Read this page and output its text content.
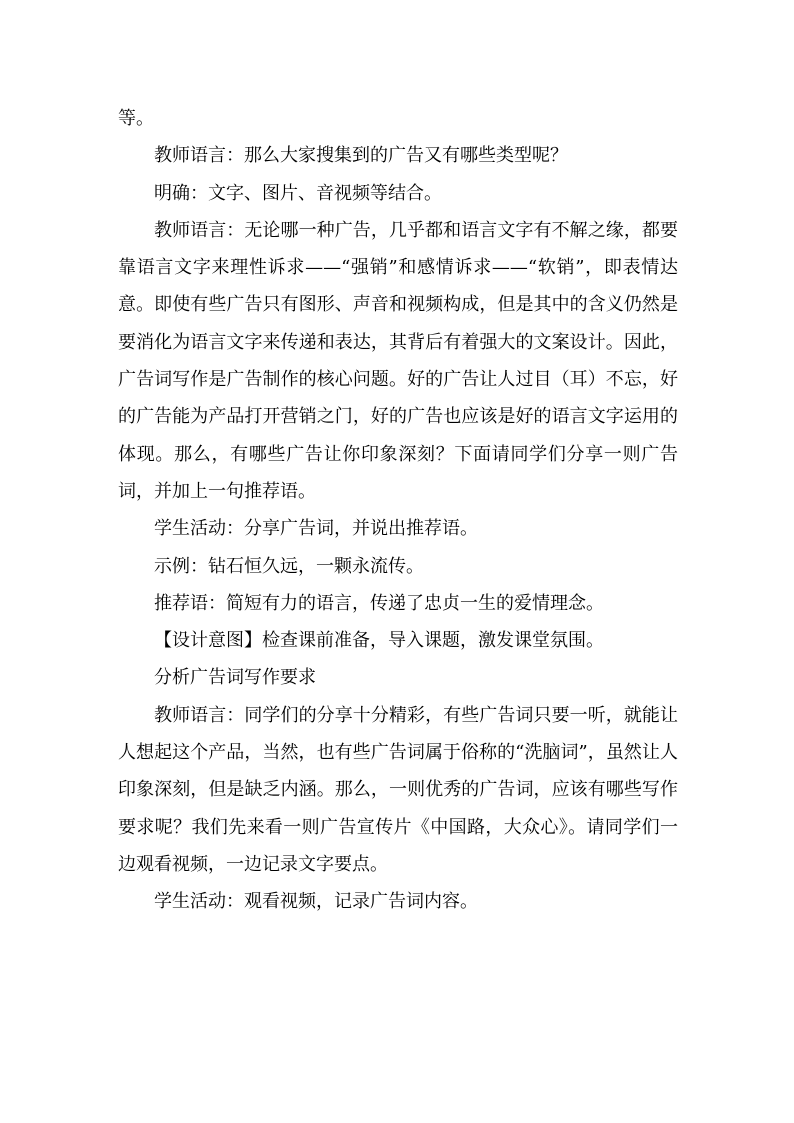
等。

教师语言：那么大家搜集到的广告又有哪些类型呢？

明确：文字、图片、音视频等结合。

教师语言：无论哪一种广告，几乎都和语言文字有不解之缘，都要靠语言文字来理性诉求——“强销”和感情诉求——“软销”，即表情达意。即使有些广告只有图形、声音和视频构成，但是其中的含义仍然是要消化为语言文字来传递和表达，其背后有着强大的文案设计。因此，广告词写作是广告制作的核心问题。好的广告让人过目（耳）不忘，好的广告能为产品打开营销之门，好的广告也应该是好的语言文字运用的体现。那么，有哪些广告让你印象深刻？下面请同学们分享一则广告词，并加上一句推荐语。

学生活动：分享广告词，并说出推荐语。

示例：钻石恒久远，一颗永流传。

推荐语：简短有力的语言，传递了忠贞一生的爱情理念。

【设计意图】检查课前准备，导入课题，激发课堂氛围。

分析广告词写作要求

教师语言：同学们的分享十分精彩，有些广告词只要一听，就能让人想起这个产品，当然，也有些广告词属于俗称的“洗脑词”，虽然让人印象深刻，但是缺乏内涵。那么，一则优秀的广告词，应该有哪些写作要求呢？我们先来看一则广告宣传片《中国路，大众心》。请同学们一边观看视频，一边记录文字要点。

学生活动：观看视频，记录广告词内容。
